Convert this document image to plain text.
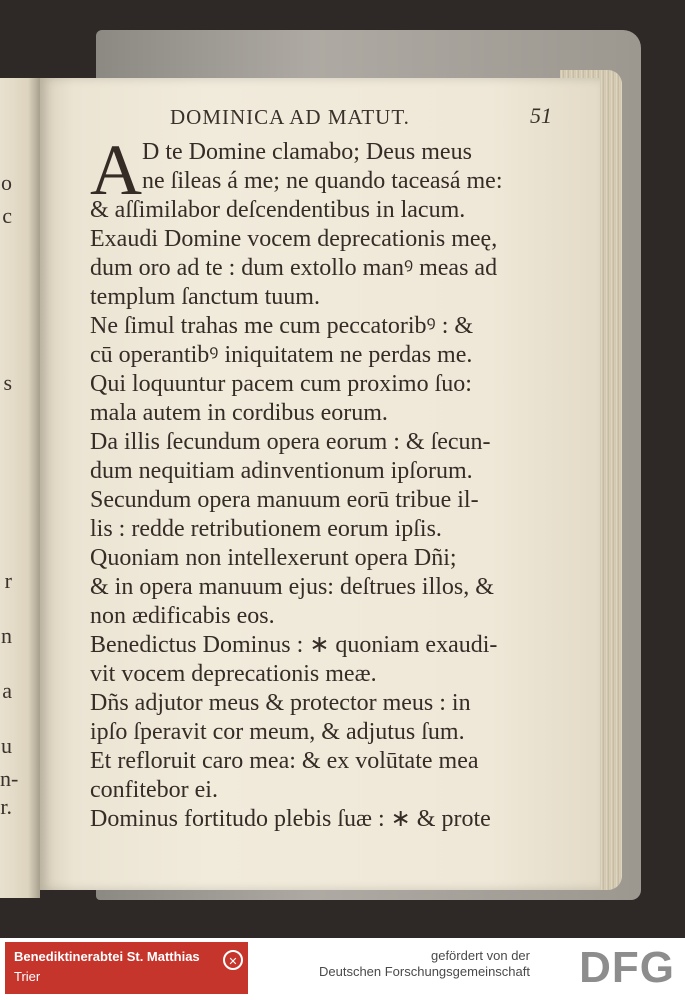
o
c
s
r
n
a
u
n-
r.
DOMINICA AD MATUT.	51
A D te Domine clamabo; Deus meus
ne ſileas á me; ne quando taceasá me:
& aſſimilabor deſcendentibus in lacum.
Exaudi Domine vocem deprecationis meę,
dum oro ad te : dum extollo manꝰ meas ad
templum ſanctum tuum.
Ne ſimul trahas me cum peccatoribꝰ : &
cū operantibꝰ iniquitatem ne perdas me.
Qui loquuntur pacem cum proximo ſuo:
mala autem in cordibus eorum.
Da illis ſecundum opera eorum : & ſecun-
dum nequitiam adinventionum ipſorum.
Secundum opera manuum eorū tribue il-
lis : redde retributionem eorum ipſis.
Quoniam non intellexerunt opera Dñi;
& in opera manuum ejus: deſtrues illos, &
non ædificabis eos.
Benedictus Dominus : ∗ quoniam exaudi-
vit vocem deprecationis meæ.
Dñs adjutor meus & protector meus : in
ipſo ſperavit cor meum, & adjutus ſum.
Et refloruit caro mea: & ex volūtate mea
confitebor ei.
Dominus fortitudo plebis ſuæ : ∗ & prote
Benediktinerabtei St. Matthias
Trier
✕	gefördert von der
Deutschen Forschungsgemeinschaft DFG
